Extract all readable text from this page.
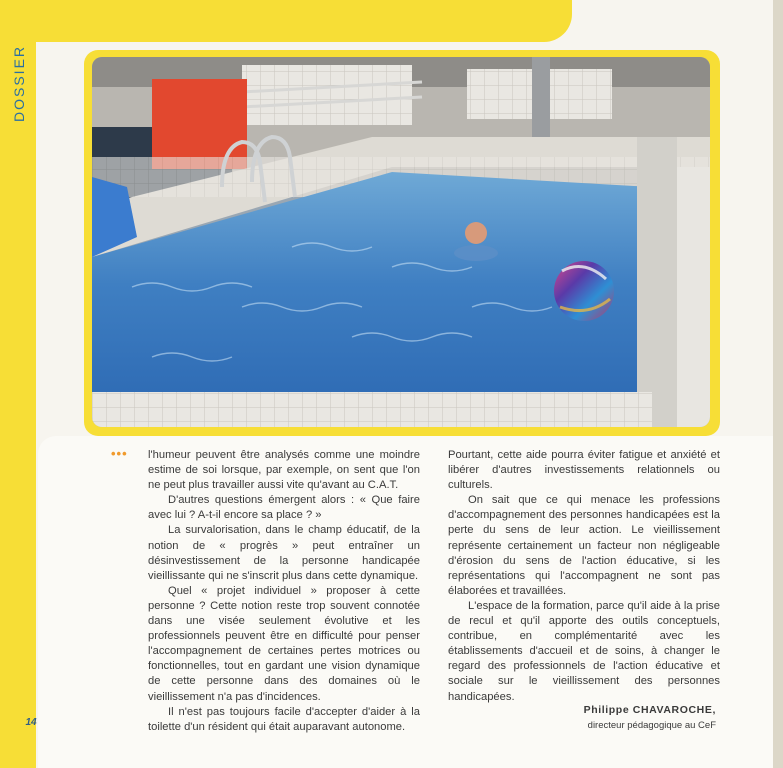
DOSSIER
••• l'humeur peuvent être analysés comme une moindre estime de soi lorsque, par exemple, on sent que l'on ne peut plus travailler aussi vite qu'avant au C.A.T.

D'autres questions émergent alors : « Que faire avec lui ? A-t-il encore sa place ? »

La survalorisation, dans le champ éducatif, de la notion de « progrès » peut entraîner un désinvestissement de la personne handicapée vieillissante qui ne s'inscrit plus dans cette dynamique.

Quel « projet individuel » proposer à cette personne ? Cette notion reste trop souvent connotée dans une visée seulement évolutive et les professionnels peuvent être en difficulté pour penser l'accompagnement de certaines pertes motrices ou fonctionnelles, tout en gardant une vision dynamique de cette personne dans des domaines où le vieillissement n'a pas d'incidences.

Il n'est pas toujours facile d'accepter d'aider à la toilette d'un résident qui était auparavant autonome.

Pourtant, cette aide pourra éviter fatigue et anxiété et libérer d'autres investissements relationnels ou culturels.

On sait que ce qui menace les professions d'accompagnement des personnes handicapées est la perte du sens de leur action. Le vieillissement représente certainement un facteur non négligeable d'érosion du sens de l'action éducative, si les représentations qui l'accompagnent ne sont pas élaborées et travaillées.

L'espace de la formation, parce qu'il aide à la prise de recul et qu'il apporte des outils conceptuels, contribue, en complémentarité avec les établissements d'accueil et de soins, à changer le regard des professionnels de l'action éducative et sociale sur le vieillissement des personnes handicapées.

Philippe CHAVAROCHE,
directeur pédagogique au CeF
14
